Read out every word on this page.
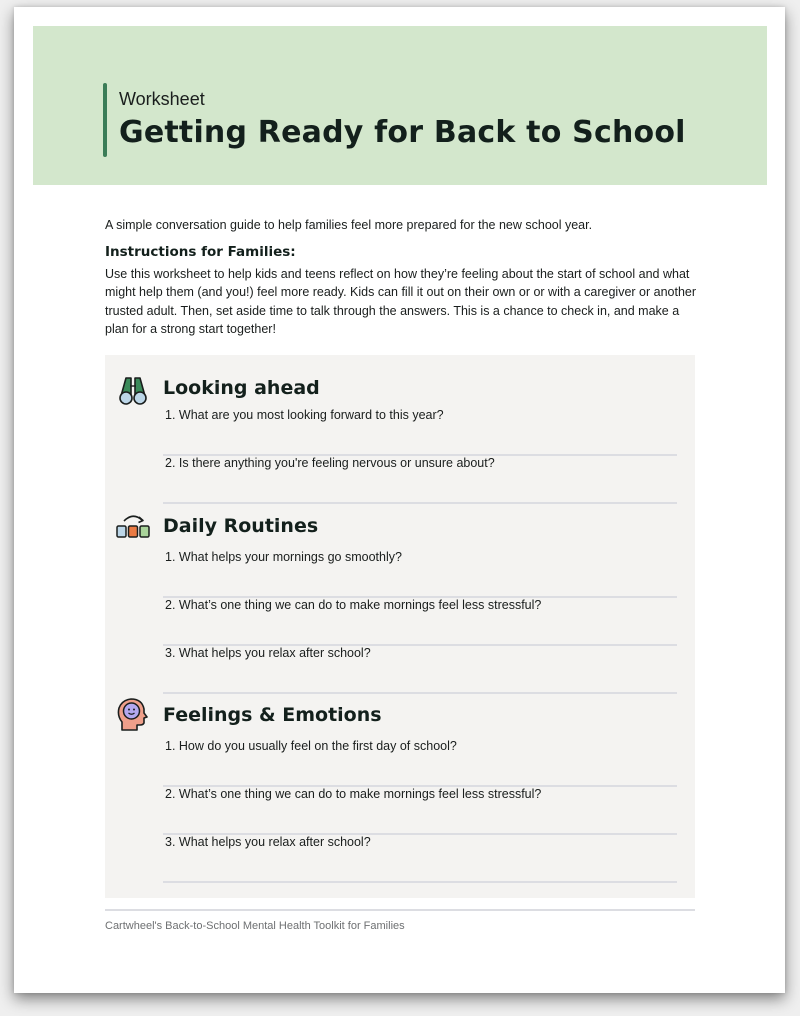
Worksheet
Getting Ready for Back to School
A simple conversation guide to help families feel more prepared for the new school year.
Instructions for Families:
Use this worksheet to help kids and teens reflect on how they’re feeling about the start of school and what might help them (and you!) feel more ready. Kids can fill it out on their own or or with a caregiver or another trusted adult. Then, set aside time to talk through the answers. This is a chance to check in, and make a plan for a strong start together!
Looking ahead
1. What are you most looking forward to this year?
2. Is there anything you're feeling nervous or unsure about?
Daily Routines
1. What helps your mornings go smoothly?
2. What’s one thing we can do to make mornings feel less stressful?
3. What helps you relax after school?
Feelings & Emotions
1. How do you usually feel on the first day of school?
2. What’s one thing we can do to make mornings feel less stressful?
3. What helps you relax after school?
Cartwheel's Back-to-School Mental Health Toolkit for Families
